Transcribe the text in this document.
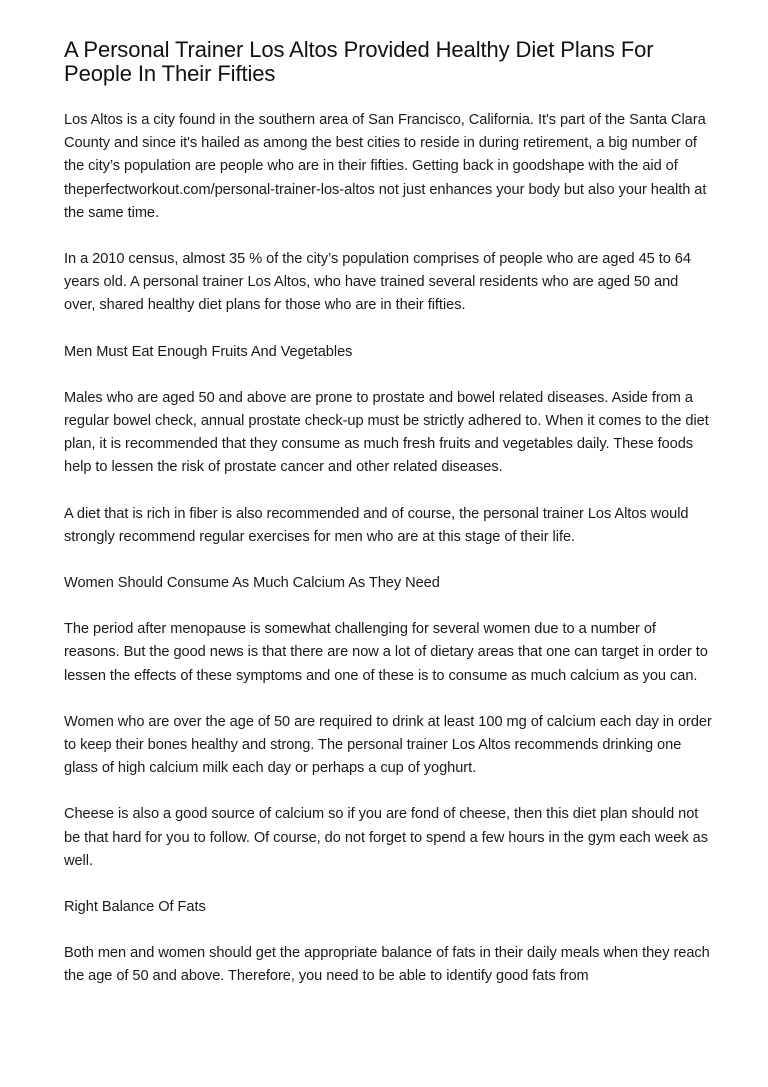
A Personal Trainer Los Altos Provided Healthy Diet Plans For People In Their Fifties

Los Altos is a city found in the southern area of San Francisco, California. It's part of the Santa Clara County and since it's hailed as among the best cities to reside in during retirement, a big number of the city’s population are people who are in their fifties. Getting back in goodshape with the aid of theperfectworkout.com/personal-trainer-los-altos not just enhances your body but also your health at the same time.

In a 2010 census, almost 35 % of the city’s population comprises of people who are aged 45 to 64 years old. A personal trainer Los Altos, who have trained several residents who are aged 50 and over, shared healthy diet plans for those who are in their fifties.

Men Must Eat Enough Fruits And Vegetables

Males who are aged 50 and above are prone to prostate and bowel related diseases. Aside from a regular bowel check, annual prostate check-up must be strictly adhered to. When it comes to the diet plan, it is recommended that they consume as much fresh fruits and vegetables daily. These foods help to lessen the risk of prostate cancer and other related diseases.

A diet that is rich in fiber is also recommended and of course, the personal trainer Los Altos would strongly recommend regular exercises for men who are at this stage of their life.

Women Should Consume As Much Calcium As They Need

The period after menopause is somewhat challenging for several women due to a number of reasons. But the good news is that there are now a lot of dietary areas that one can target in order to lessen the effects of these symptoms and one of these is to consume as much calcium as you can.

Women who are over the age of 50 are required to drink at least 100 mg of calcium each day in order to keep their bones healthy and strong. The personal trainer Los Altos recommends drinking one glass of high calcium milk each day or perhaps a cup of yoghurt.

Cheese is also a good source of calcium so if you are fond of cheese, then this diet plan should not be that hard for you to follow. Of course, do not forget to spend a few hours in the gym each week as well.

Right Balance Of Fats

Both men and women should get the appropriate balance of fats in their daily meals when they reach the age of 50 and above. Therefore, you need to be able to identify good fats from
